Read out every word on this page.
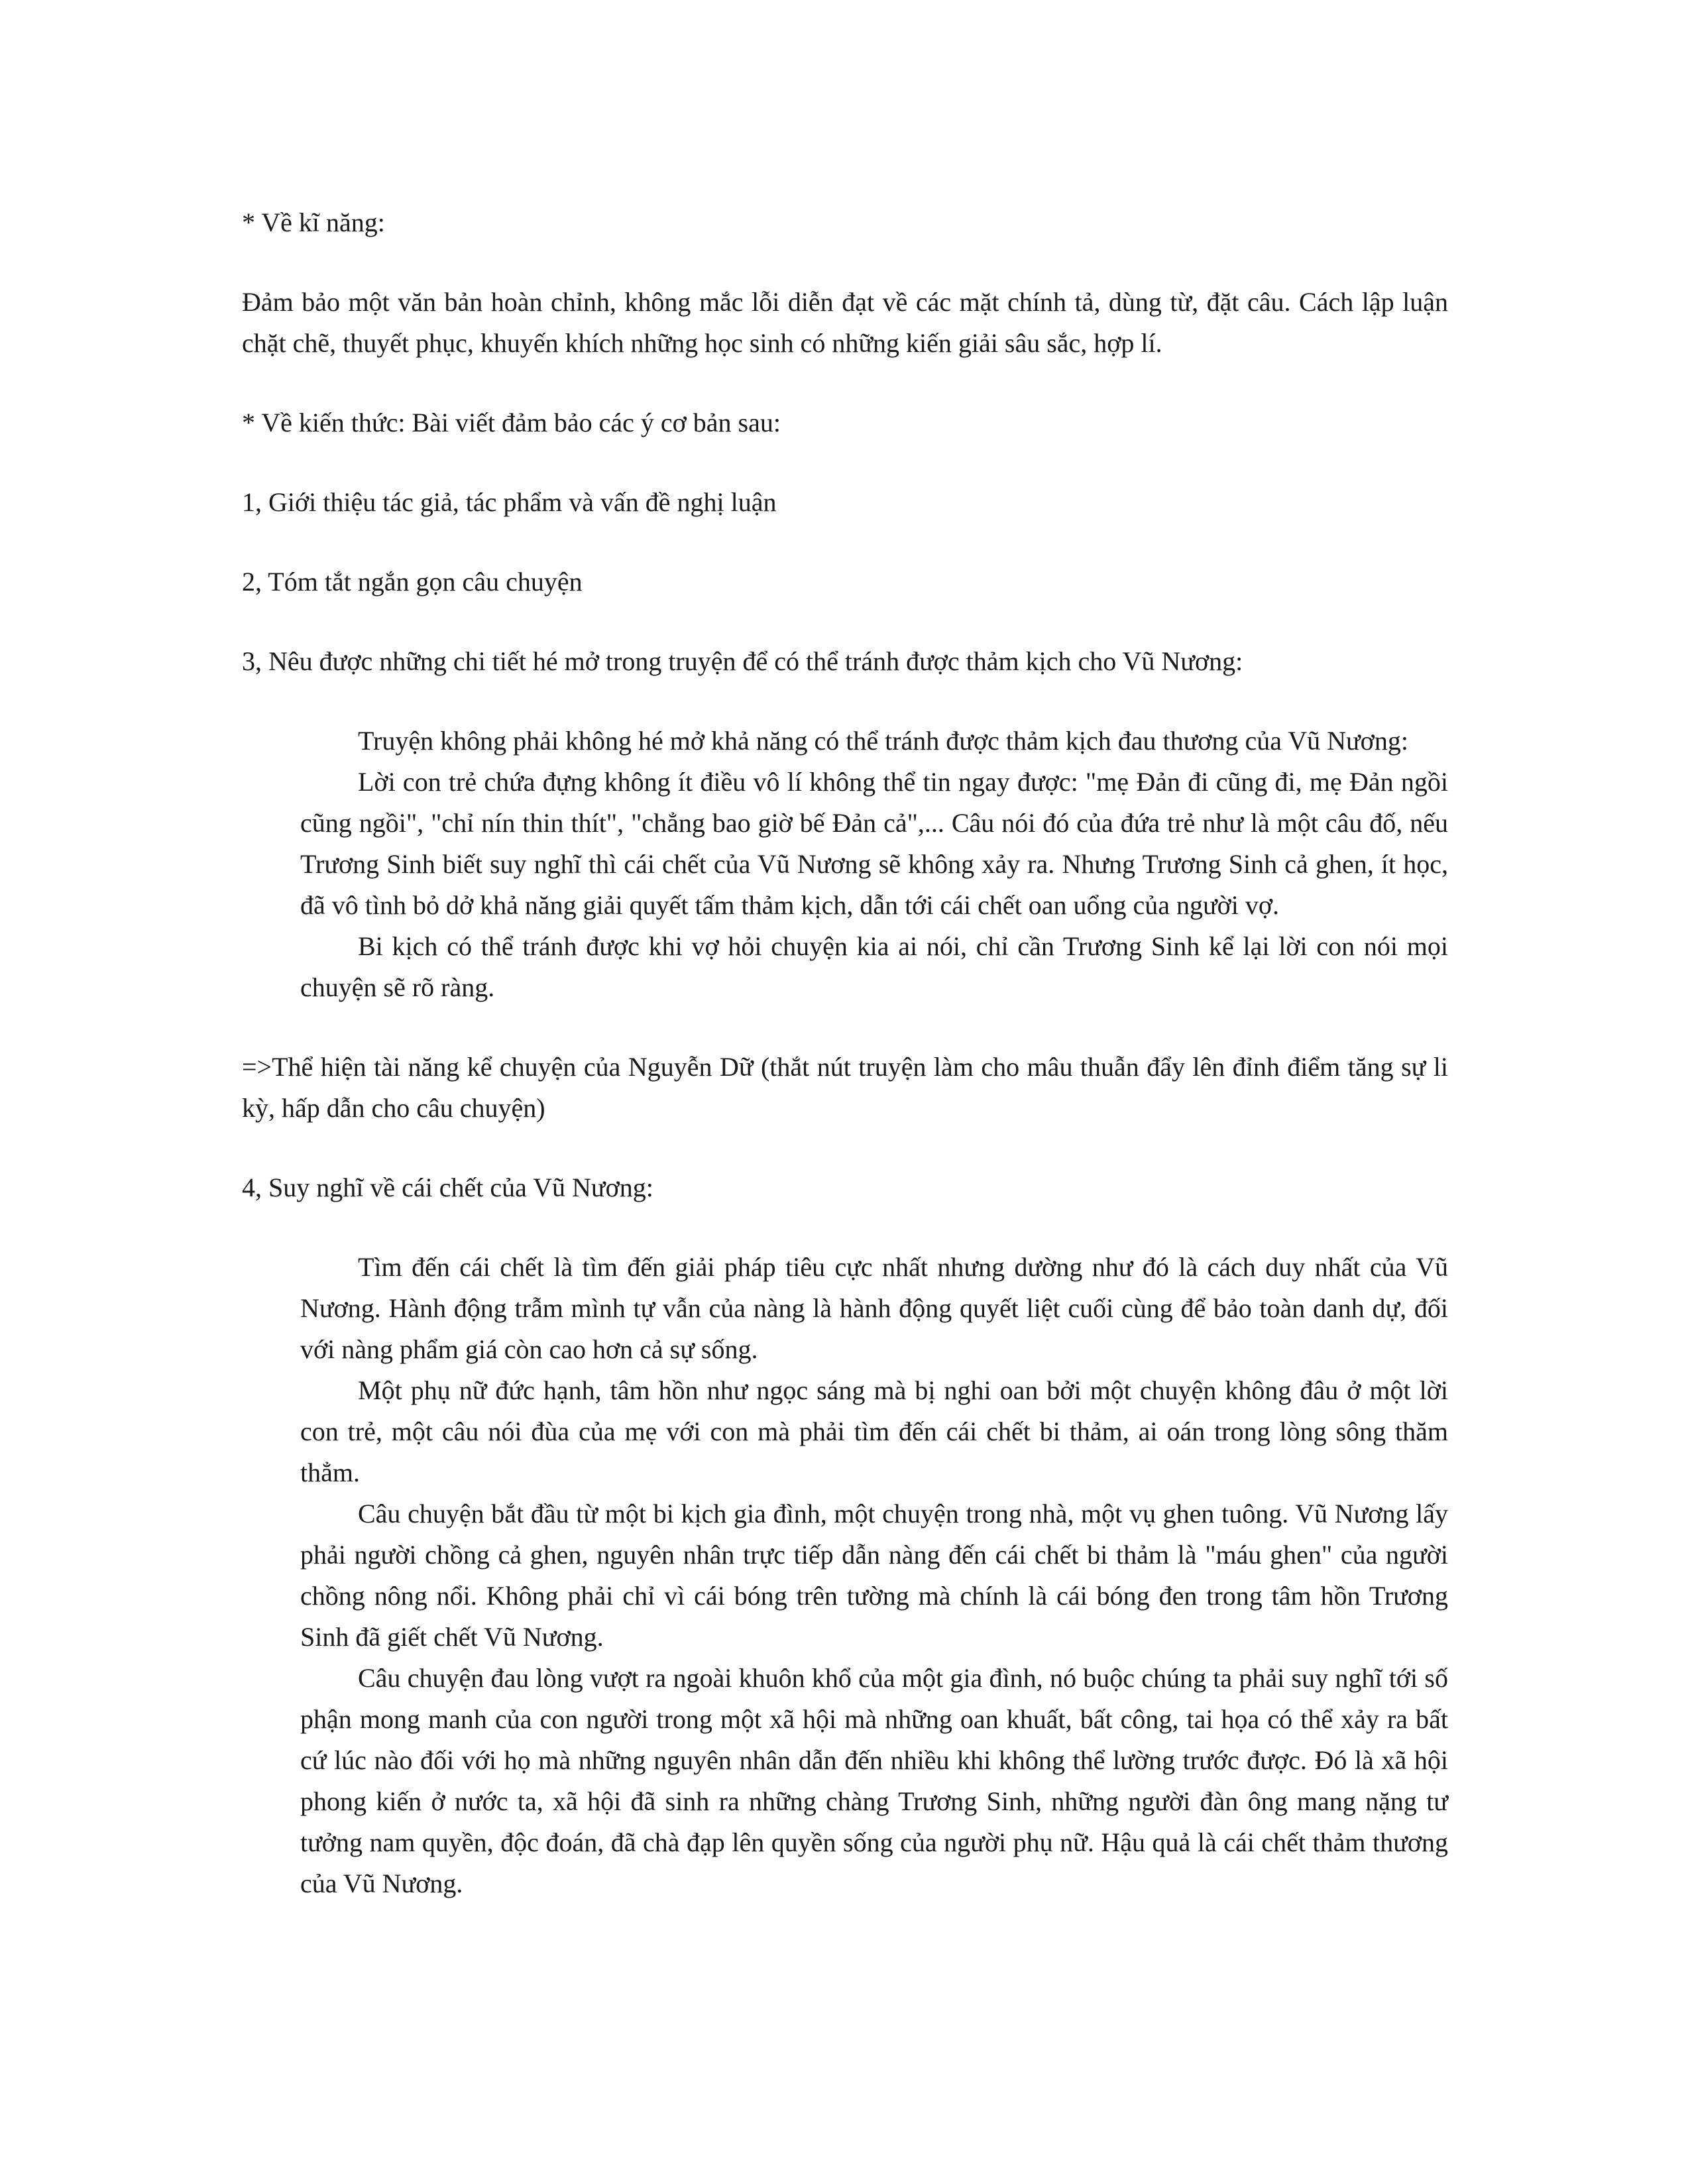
* Về kĩ năng:

Đảm bảo một văn bản hoàn chỉnh, không mắc lỗi diễn đạt về các mặt chính tả, dùng từ, đặt câu. Cách lập luận chặt chẽ, thuyết phục, khuyến khích những học sinh có những kiến giải sâu sắc, hợp lí.

* Về kiến thức: Bài viết đảm bảo các ý cơ bản sau:

1, Giới thiệu tác giả, tác phẩm và vấn đề nghị luận

2, Tóm tắt ngắn gọn câu chuyện

3, Nêu được những chi tiết hé mở trong truyện để có thể tránh được thảm kịch cho Vũ Nương:

Truyện không phải không hé mở khả năng có thể tránh được thảm kịch đau thương của Vũ Nương:
Lời con trẻ chứa đựng không ít điều vô lí không thể tin ngay được: "mẹ Đản đi cũng đi, mẹ Đản ngồi cũng ngồi", "chỉ nín thin thít", "chẳng bao giờ bế Đản cả",... Câu nói đó của đứa trẻ như là một câu đố, nếu Trương Sinh biết suy nghĩ thì cái chết của Vũ Nương sẽ không xảy ra. Nhưng Trương Sinh cả ghen, ít học, đã vô tình bỏ dở khả năng giải quyết tấm thảm kịch, dẫn tới cái chết oan uổng của người vợ.
Bi kịch có thể tránh được khi vợ hỏi chuyện kia ai nói, chỉ cần Trương Sinh kể lại lời con nói mọi chuyện sẽ rõ ràng.

=>Thể hiện tài năng kể chuyện của Nguyễn Dữ (thắt nút truyện làm cho mâu thuẫn đẩy lên đỉnh điểm tăng sự li kỳ, hấp dẫn cho câu chuyện)

4, Suy nghĩ về cái chết của Vũ Nương:

Tìm đến cái chết là tìm đến giải pháp tiêu cực nhất nhưng dường như đó là cách duy nhất của Vũ Nương. Hành động trẫm mình tự vẫn của nàng là hành động quyết liệt cuối cùng để bảo toàn danh dự, đối với nàng phẩm giá còn cao hơn cả sự sống.
Một phụ nữ đức hạnh, tâm hồn như ngọc sáng mà bị nghi oan bởi một chuyện không đâu ở một lời con trẻ, một câu nói đùa của mẹ với con mà phải tìm đến cái chết bi thảm, ai oán trong lòng sông thăm thẳm.
Câu chuyện bắt đầu từ một bi kịch gia đình, một chuyện trong nhà, một vụ ghen tuông. Vũ Nương lấy phải người chồng cả ghen, nguyên nhân trực tiếp dẫn nàng đến cái chết bi thảm là "máu ghen" của người chồng nông nổi. Không phải chỉ vì cái bóng trên tường mà chính là cái bóng đen trong tâm hồn Trương Sinh đã giết chết Vũ Nương.
Câu chuyện đau lòng vượt ra ngoài khuôn khổ của một gia đình, nó buộc chúng ta phải suy nghĩ tới số phận mong manh của con người trong một xã hội mà những oan khuất, bất công, tai họa có thể xảy ra bất cứ lúc nào đối với họ mà những nguyên nhân dẫn đến nhiều khi không thể lường trước được. Đó là xã hội phong kiến ở nước ta, xã hội đã sinh ra những chàng Trương Sinh, những người đàn ông mang nặng tư tưởng nam quyền, độc đoán, đã chà đạp lên quyền sống của người phụ nữ. Hậu quả là cái chết thảm thương của Vũ Nương.
